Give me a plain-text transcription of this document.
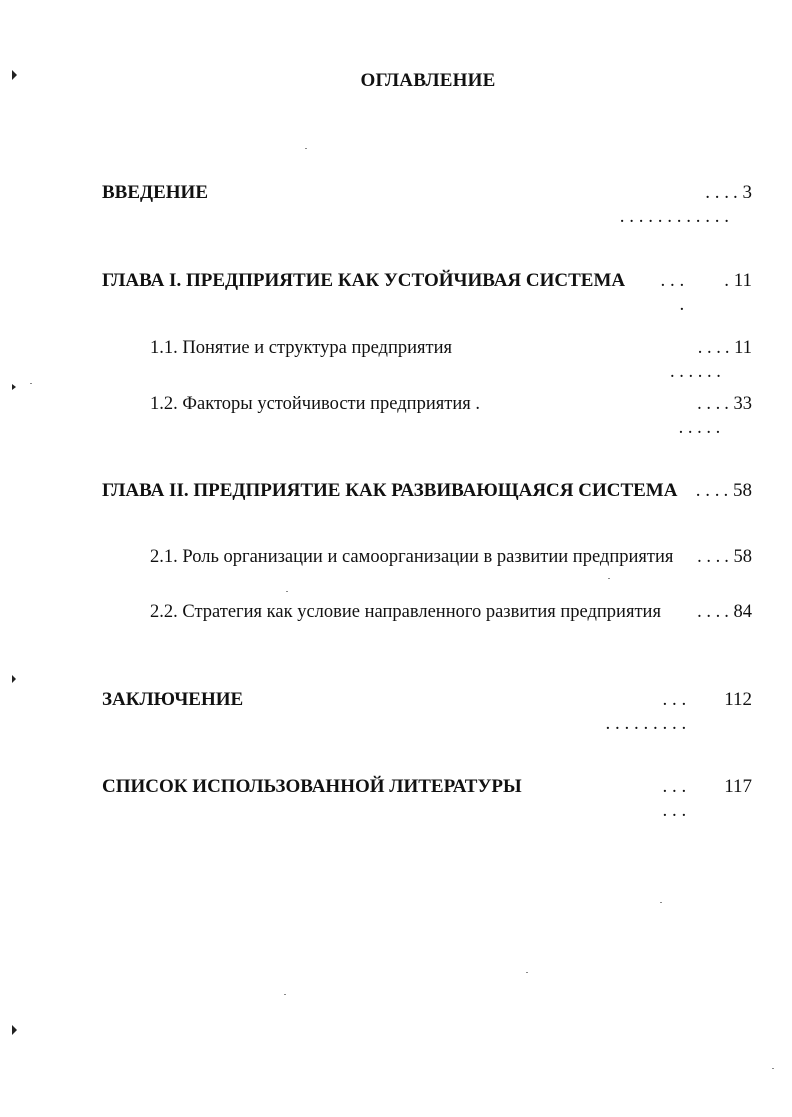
ОГЛАВЛЕНИЕ
ВВЕДЕНИЕ
. . . . . . . . . . . . .
. 3
ГЛАВА I. ПРЕДПРИЯТИЕ КАК УСТОЙЧИВАЯ СИСТЕМА
. .
. 11
1.1. Понятие и структура предприятия
. . . . . . .
. 11
1.2. Факторы устойчивости предприятия .
. . . . . .
. 33
ГЛАВА II. ПРЕДПРИЯТИЕ КАК РАЗВИВАЮЩАЯСЯ СИСТЕМА . . 58
2.1. Роль организации и самоорганизации в развитии предприятия .	. 58
2.2. Стратегия как условие направленного развития предприятия .	. 84
ЗАКЛЮЧЕНИЕ
. . . . . . . . . .
112
СПИСОК ИСПОЛЬЗОВАННОЙ ЛИТЕРАТУРЫ
. . . .
117
